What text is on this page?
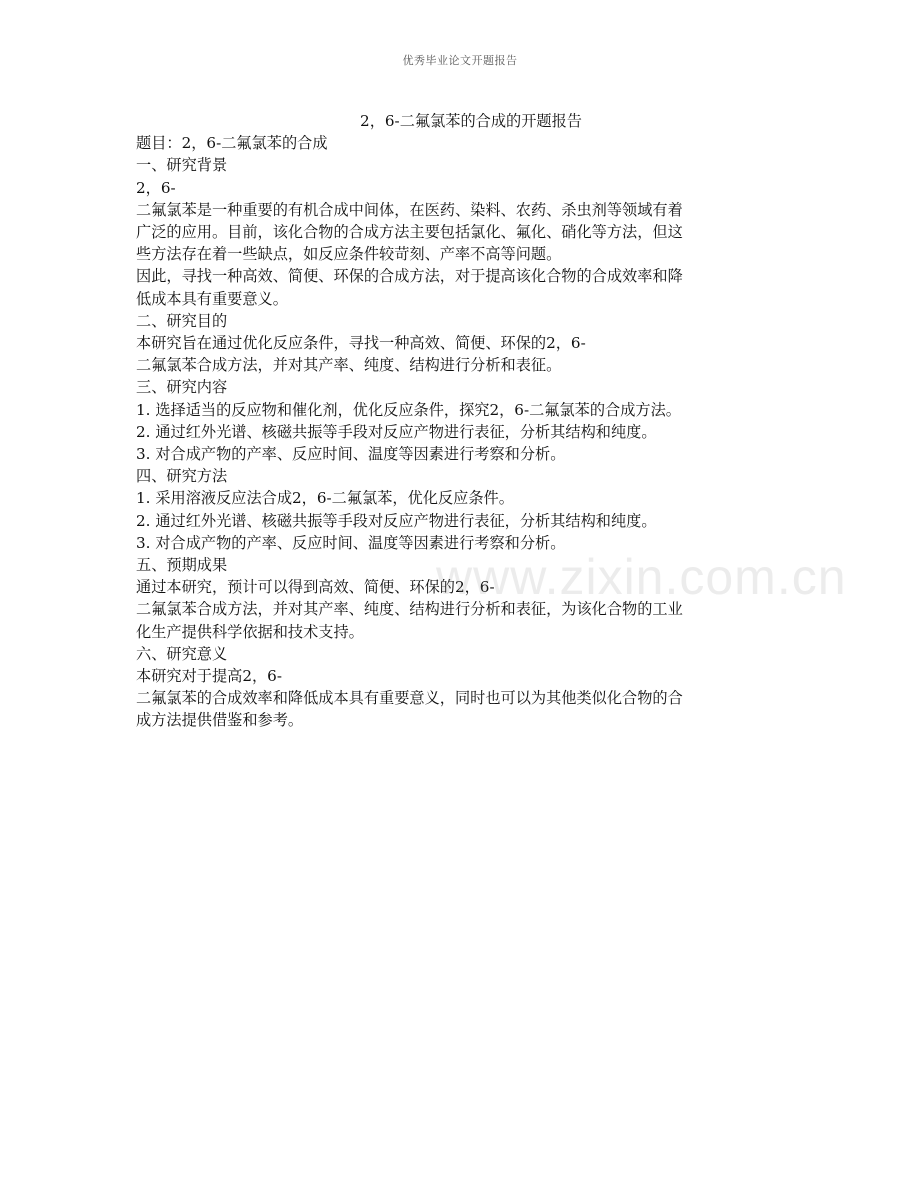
优秀毕业论文开题报告
2，6-二氟氯苯的合成的开题报告
题目：2，6-二氟氯苯的合成
一、研究背景
2，6-
二氟氯苯是一种重要的有机合成中间体，在医药、染料、农药、杀虫剂等领域有着
广泛的应用。目前，该化合物的合成方法主要包括氯化、氟化、硝化等方法，但这
些方法存在着一些缺点，如反应条件较苛刻、产率不高等问题。
因此，寻找一种高效、简便、环保的合成方法，对于提高该化合物的合成效率和降
低成本具有重要意义。
二、研究目的
本研究旨在通过优化反应条件，寻找一种高效、简便、环保的2，6-
二氟氯苯合成方法，并对其产率、纯度、结构进行分析和表征。
三、研究内容
1. 选择适当的反应物和催化剂，优化反应条件，探究2，6-二氟氯苯的合成方法。
2. 通过红外光谱、核磁共振等手段对反应产物进行表征，分析其结构和纯度。
3. 对合成产物的产率、反应时间、温度等因素进行考察和分析。
四、研究方法
1. 采用溶液反应法合成2，6-二氟氯苯，优化反应条件。
2. 通过红外光谱、核磁共振等手段对反应产物进行表征，分析其结构和纯度。
3. 对合成产物的产率、反应时间、温度等因素进行考察和分析。
五、预期成果
通过本研究，预计可以得到高效、简便、环保的2，6-
二氟氯苯合成方法，并对其产率、纯度、结构进行分析和表征，为该化合物的工业
化生产提供科学依据和技术支持。
六、研究意义
本研究对于提高2，6-
二氟氯苯的合成效率和降低成本具有重要意义，同时也可以为其他类似化合物的合
成方法提供借鉴和参考。
www.zixin.com.cn
